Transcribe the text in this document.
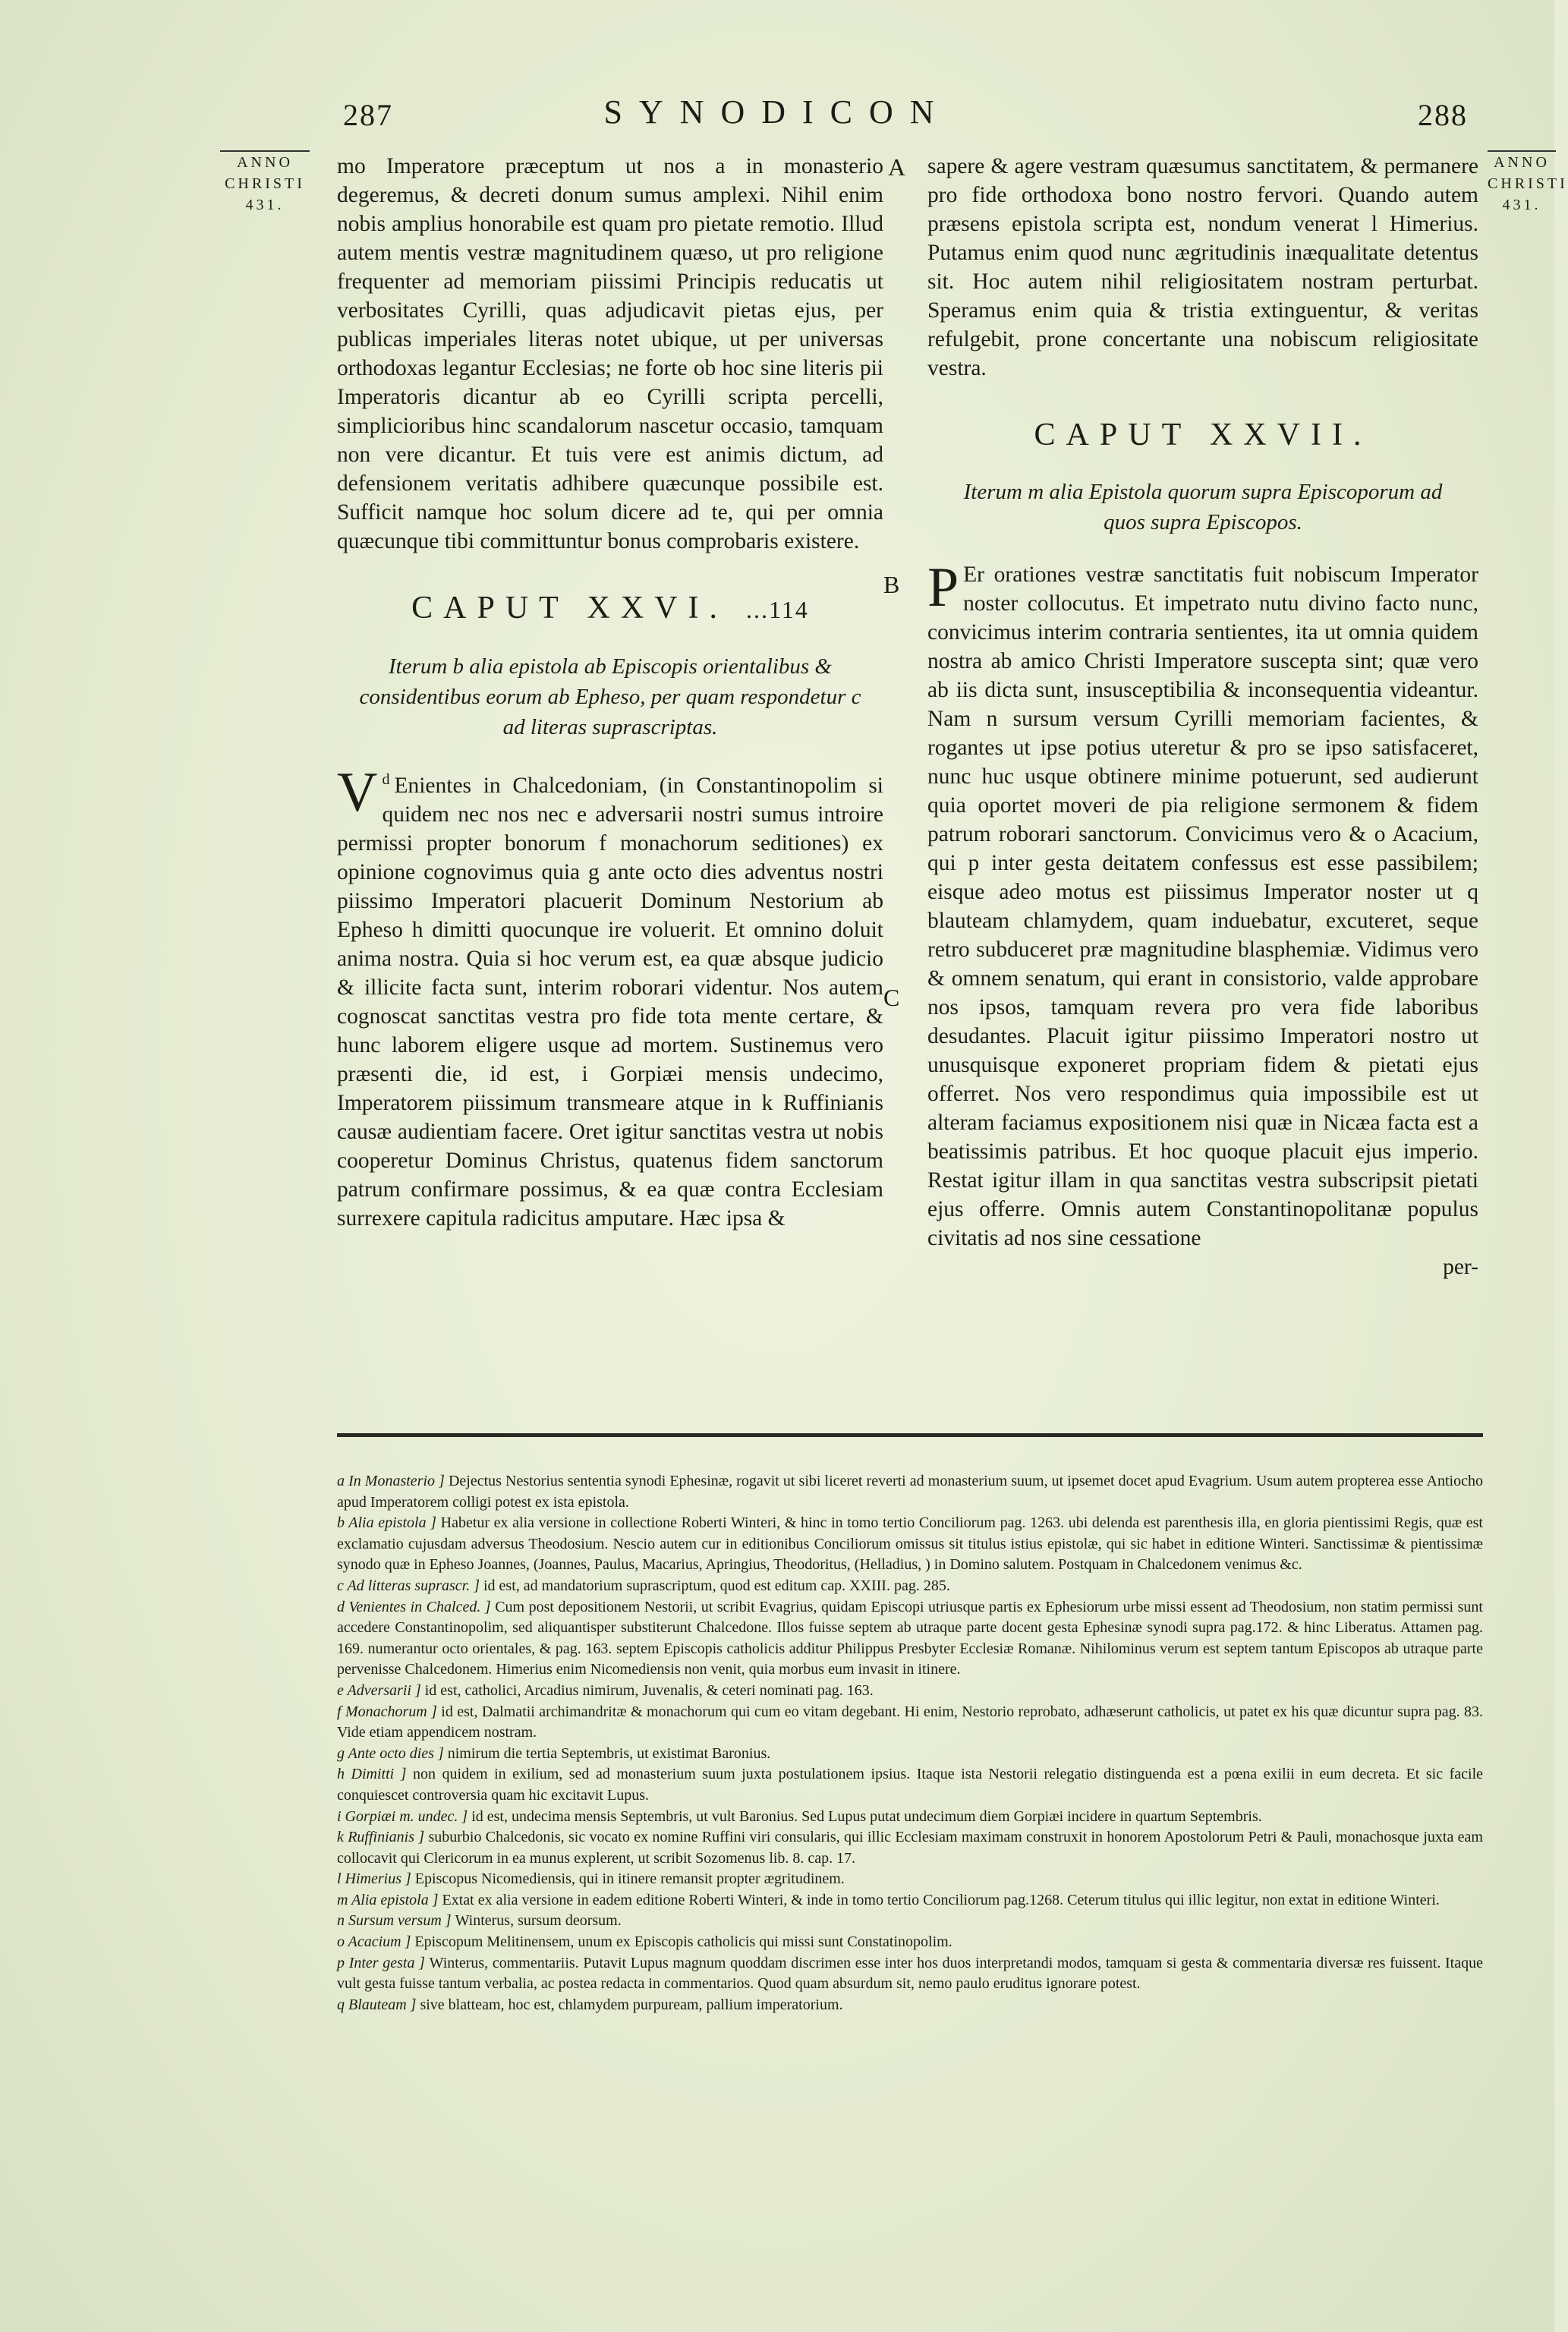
287	SYNODICON	288
ANNO CHRISTI 431.
ANNO CHRISTI 431.
A
B
C

mo Imperatore præceptum ut nos a in monasterio degeremus, & decreti donum sumus amplexi. Nihil enim nobis amplius honorabile est quam pro pietate remotio. Illud autem mentis vestræ magnitudinem quæso, ut pro religione frequenter ad memoriam piissimi Principis reducatis ut verbositates Cyrilli, quas adjudicavit pietas ejus, per publicas imperiales literas notet ubique, ut per universas orthodoxas legantur Ecclesias; ne forte ob hoc sine literis pii Imperatoris dicantur ab eo Cyrilli scripta percelli, simplicioribus hinc scandalorum nascetur occasio, tamquam non vere dicantur. Et tuis vere est animis dictum, ad defensionem veritatis adhibere quæcunque possibile est. Sufficit namque hoc solum dicere ad te, qui per omnia quæcunque tibi committuntur bonus comprobaris existere.

CAPUT XXVI. ...114
Iterum b alia epistola ab Episcopis orientalibus & considentibus eorum ab Epheso, per quam respondetur c ad literas suprascriptas.

$^d$
V Enientes in Chalcedoniam, (in Constantinopolim si quidem nec nos nec e adversarii nostri sumus introire permissi propter bonorum f monachorum seditiones) ex opinione cognovimus quia g ante octo dies adventus nostri piissimo Imperatori placuerit Dominum Nestorium ab Epheso h dimitti quocunque ire voluerit. Et omnino doluit anima nostra. Quia si hoc verum est, ea quæ absque judicio & illicite facta sunt, interim roborari videntur. Nos autem cognoscat sanctitas vestra pro fide tota mente certare, & hunc laborem eligere usque ad mortem. Sustinemus vero præsenti die, id est, i Gorpiæi mensis undecimo, Imperatorem piissimum transmeare atque in k Ruffinianis causæ audientiam facere. Oret igitur sanctitas vestra ut nobis cooperetur Dominus Christus, quatenus fidem sanctorum patrum confirmare possimus, & ea quæ contra Ecclesiam surrexere capitula radicitus amputare. Hæc ipsa &

sapere & agere vestram quæsumus sanctitatem, & permanere pro fide orthodoxa bono nostro fervori. Quando autem præsens epistola scripta est, nondum venerat l Himerius. Putamus enim quod nunc ægritudinis inæqualitate detentus sit. Hoc autem nihil religiositatem nostram perturbat. Speramus enim quia & tristia extinguentur, & veritas refulgebit, prone concertante una nobiscum religiositate vestra.

CAPUT XXVII.
Iterum m alia Epistola quorum supra Episcoporum ad quos supra Episcopos.

P Er orationes vestræ sanctitatis fuit nobiscum Imperator noster collocutus. Et impetrato nutu divino facto nunc, convicimus interim contraria sentientes, ita ut omnia quidem nostra ab amico Christi Imperatore suscepta sint; quæ vero ab iis dicta sunt, insusceptibilia & inconsequentia videantur. Nam n sursum versum Cyrilli memoriam facientes, & rogantes ut ipse potius uteretur & pro se ipso satisfaceret, nunc huc usque obtinere minime potuerunt, sed audierunt quia oportet moveri de pia religione sermonem & fidem patrum roborari sanctorum. Convicimus vero & o Acacium, qui p inter gesta deitatem confessus est esse passibilem; eisque adeo motus est piissimus Imperator noster ut q blauteam chlamydem, quam induebatur, excuteret, seque retro subduceret præ magnitudine blasphemiæ. Vidimus vero & omnem senatum, qui erant in consistorio, valde approbare nos ipsos, tamquam revera pro vera fide laboribus desudantes. Placuit igitur piissimo Imperatori nostro ut unusquisque exponeret propriam fidem & pietati ejus offerret. Nos vero respondimus quia impossibile est ut alteram faciamus expositionem nisi quæ in Nicæa facta est a beatissimis patribus. Et hoc quoque placuit ejus imperio. Restat igitur illam in qua sanctitas vestra subscripsit pietati ejus offerre. Omnis autem Constantinopolitanæ populus civitatis ad nos sine cessatione

per-

a In Monasterio ] Dejectus Nestorius sententia synodi Ephesinæ, rogavit ut sibi liceret reverti ad monasterium suum, ut ipsemet docet apud Evagrium. Usum autem propterea esse Antiocho apud Imperatorem colligi potest ex ista epistola.

b Alia epistola ] Habetur ex alia versione in collectione Roberti Winteri, & hinc in tomo tertio Conciliorum pag. 1263. ubi delenda est parenthesis illa, en gloria pientissimi Regis, quæ est exclamatio cujusdam adversus Theodosium. Nescio autem cur in editionibus Conciliorum omissus sit titulus istius epistolæ, qui sic habet in editione Winteri. Sanctissimæ & pientissimæ synodo quæ in Epheso Joannes, (Joannes, Paulus, Macarius, Apringius, Theodoritus, (Helladius, ) in Domino salutem. Postquam in Chalcedonem venimus &c.

c Ad litteras suprascr. ] id est, ad mandatorium suprascriptum, quod est editum cap. XXIII. pag. 285.

d Venientes in Chalced. ] Cum post depositionem Nestorii, ut scribit Evagrius, quidam Episcopi utriusque partis ex Ephesiorum urbe missi essent ad Theodosium, non statim permissi sunt accedere Constantinopolim, sed aliquantisper substiterunt Chalcedone. Illos fuisse septem ab utraque parte docent gesta Ephesinæ synodi supra pag.172. & hinc Liberatus. Attamen pag. 169. numerantur octo orientales, & pag. 163. septem Episcopis catholicis additur Philippus Presbyter Ecclesiæ Romanæ. Nihilominus verum est septem tantum Episcopos ab utraque parte pervenisse Chalcedonem. Himerius enim Nicomediensis non venit, quia morbus eum invasit in itinere.

e Adversarii ] id est, catholici, Arcadius nimirum, Juvenalis, & ceteri nominati pag. 163.

f Monachorum ] id est, Dalmatii archimandritæ & monachorum qui cum eo vitam degebant. Hi enim, Nestorio reprobato, adhæserunt catholicis, ut patet ex his quæ dicuntur supra pag. 83. Vide etiam appendicem nostram.

g Ante octo dies ] nimirum die tertia Septembris, ut existimat Baronius.

h Dimitti ] non quidem in exilium, sed ad monasterium suum juxta postulationem ipsius. Itaque ista Nestorii relegatio distinguenda est a pœna exilii in eum decreta. Et sic facile conquiescet controversia quam hic excitavit Lupus.

i Gorpiæi m. undec. ] id est, undecima mensis Septembris, ut vult Baronius. Sed Lupus putat undecimum diem Gorpiæi incidere in quartum Septembris.

k Ruffinianis ] suburbio Chalcedonis, sic vocato ex nomine Ruffini viri consularis, qui illic Ecclesiam maximam construxit in honorem Apostolorum Petri & Pauli, monachosque juxta eam collocavit qui Clericorum in ea munus explerent, ut scribit Sozomenus lib. 8. cap. 17.

l Himerius ] Episcopus Nicomediensis, qui in itinere remansit propter ægritudinem.

m Alia epistola ] Extat ex alia versione in eadem editione Roberti Winteri, & inde in tomo tertio Conciliorum pag.1268. Ceterum titulus qui illic legitur, non extat in editione Winteri.

n Sursum versum ] Winterus, sursum deorsum.

o Acacium ] Episcopum Melitinensem, unum ex Episcopis catholicis qui missi sunt Constatinopolim.

p Inter gesta ] Winterus, commentariis. Putavit Lupus magnum quoddam discrimen esse inter hos duos interpretandi modos, tamquam si gesta & commentaria diversæ res fuissent. Itaque vult gesta fuisse tantum verbalia, ac postea redacta in commentarios. Quod quam absurdum sit, nemo paulo eruditus ignorare potest.

q Blauteam ] sive blatteam, hoc est, chlamydem purpuream, pallium imperatorium.
